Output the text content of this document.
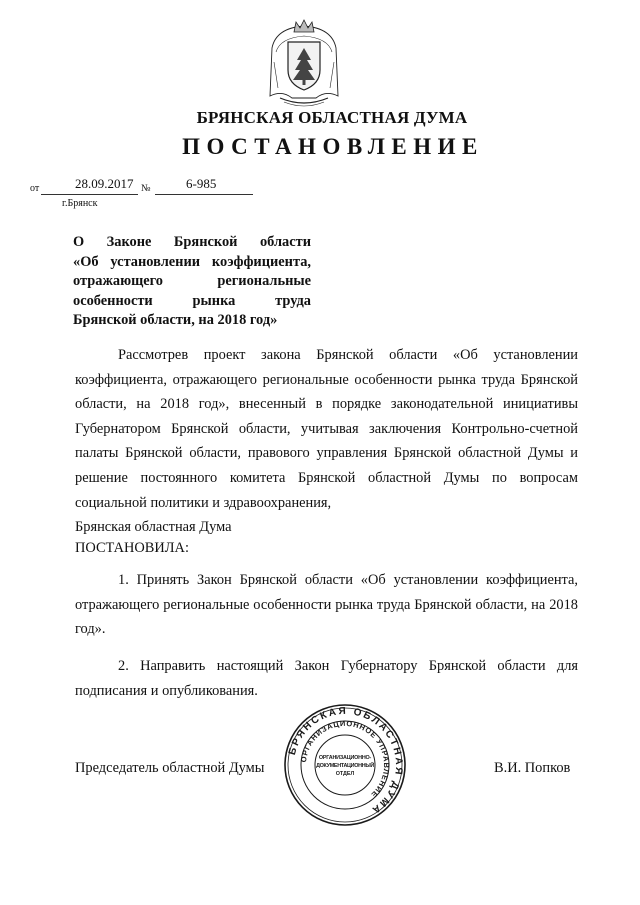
БРЯНСКАЯ ОБЛАСТНАЯ ДУМА
ПОСТАНОВЛЕНИЕ
от	28.09.2017 №	6-985
г.Брянск
О Законе Брянской области
«Об установлении коэффициента,
отражающего региональные
особенности рынка труда
Брянской области, на 2018 год»
Рассмотрев проект закона Брянской области «Об установлении коэффициента, отражающего региональные особенности рынка труда Брянской области, на 2018 год», внесенный в порядке законодательной инициативы Губернатором Брянской области, учитывая заключения Контрольно-счетной палаты Брянской области, правового управления Брянской областной Думы и решение постоянного комитета Брянской областной Думы по вопросам социальной политики и здравоохранения,
Брянская областная Дума
ПОСТАНОВИЛА:
1. Принять Закон Брянской области «Об установлении коэффициента, отражающего региональные особенности рынка труда Брянской области, на 2018 год».
2. Направить настоящий Закон Губернатору Брянской области для подписания и опубликования.
Председатель областной Думы	В.И. Попков
БРЯНСКАЯ ОБЛАСТНАЯ ДУМА
ОРГАНИЗАЦИОННОЕ УПРАВЛЕНИЕ
ОРГАНИЗАЦИОННО-
ДОКУМЕНТАЦИОННЫЙ
ОТДЕЛ
